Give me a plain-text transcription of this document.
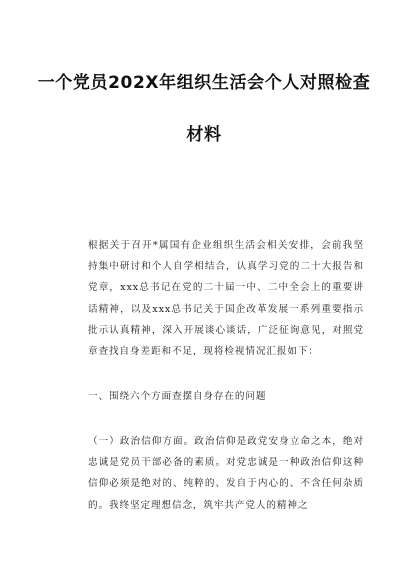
一个党员202X年组织生活会个人对照检查
材料

根据关于召开*属国有企业组织生活会相关安排，会前我坚持集中研讨和个人自学相结合，认真学习党的二十大报告和党章，xxx总书记在党的二十届一中、二中全会上的重要讲话精神，以及xxx总书记关于国企改革发展一系列重要指示批示认真精神，深入开展谈心谈话，广泛征询意见，对照党章查找自身差距和不足，现将检视情况汇报如下：

一、围绕六个方面查摆自身存在的问题

（一）政治信仰方面。政治信仰是政党安身立命之本，绝对忠诚是党员干部必备的素质。对党忠诚是一种政治信仰这种信仰必须是绝对的、纯粹的、发自于内心的、不含任何杂质的。我终坚定理想信念，筑牢共产党人的精神之
